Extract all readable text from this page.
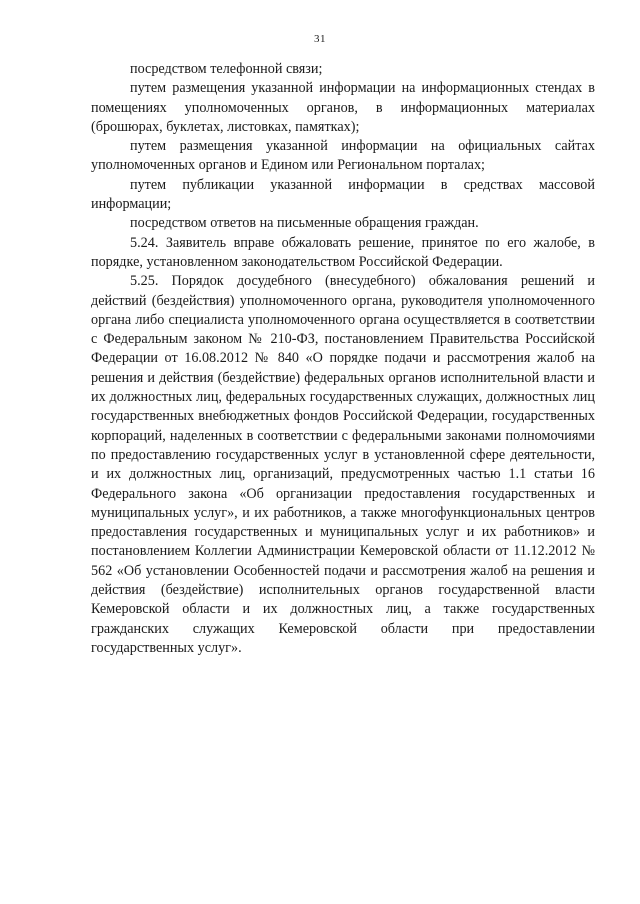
31

посредством телефонной связи;

путем размещения указанной информации на информационных стендах в помещениях уполномоченных органов, в информационных материалах (брошюрах, буклетах, листовках, памятках);

путем размещения указанной информации на официальных сайтах уполномоченных органов и Едином или Региональном порталах;

путем публикации указанной информации в средствах массовой информации;

посредством ответов на письменные обращения граждан.

5.24. Заявитель вправе обжаловать решение, принятое по его жалобе, в порядке, установленном законодательством Российской Федерации.

5.25. Порядок досудебного (внесудебного) обжалования решений и действий (бездействия) уполномоченного органа, руководителя уполномоченного органа либо специалиста уполномоченного органа осуществляется в соответствии с Федеральным законом № 210-ФЗ, постановлением Правительства Российской Федерации от 16.08.2012 № 840 «О порядке подачи и рассмотрения жалоб на решения и действия (бездействие) федеральных органов исполнительной власти и их должностных лиц, федеральных государственных служащих, должностных лиц государственных внебюджетных фондов Российской Федерации, государственных корпораций, наделенных в соответствии с федеральными законами полномочиями по предоставлению государственных услуг в установленной сфере деятельности, и их должностных лиц, организаций, предусмотренных частью 1.1 статьи 16 Федерального закона «Об организации предоставления государственных и муниципальных услуг», и их работников, а также многофункциональных центров предоставления государственных и муниципальных услуг и их работников» и постановлением Коллегии Администрации Кемеровской области от 11.12.2012 № 562 «Об установлении Особенностей подачи и рассмотрения жалоб на решения и действия (бездействие) исполнительных органов государственной власти Кемеровской области и их должностных лиц, а также государственных гражданских служащих Кемеровской области при предоставлении государственных услуг».
